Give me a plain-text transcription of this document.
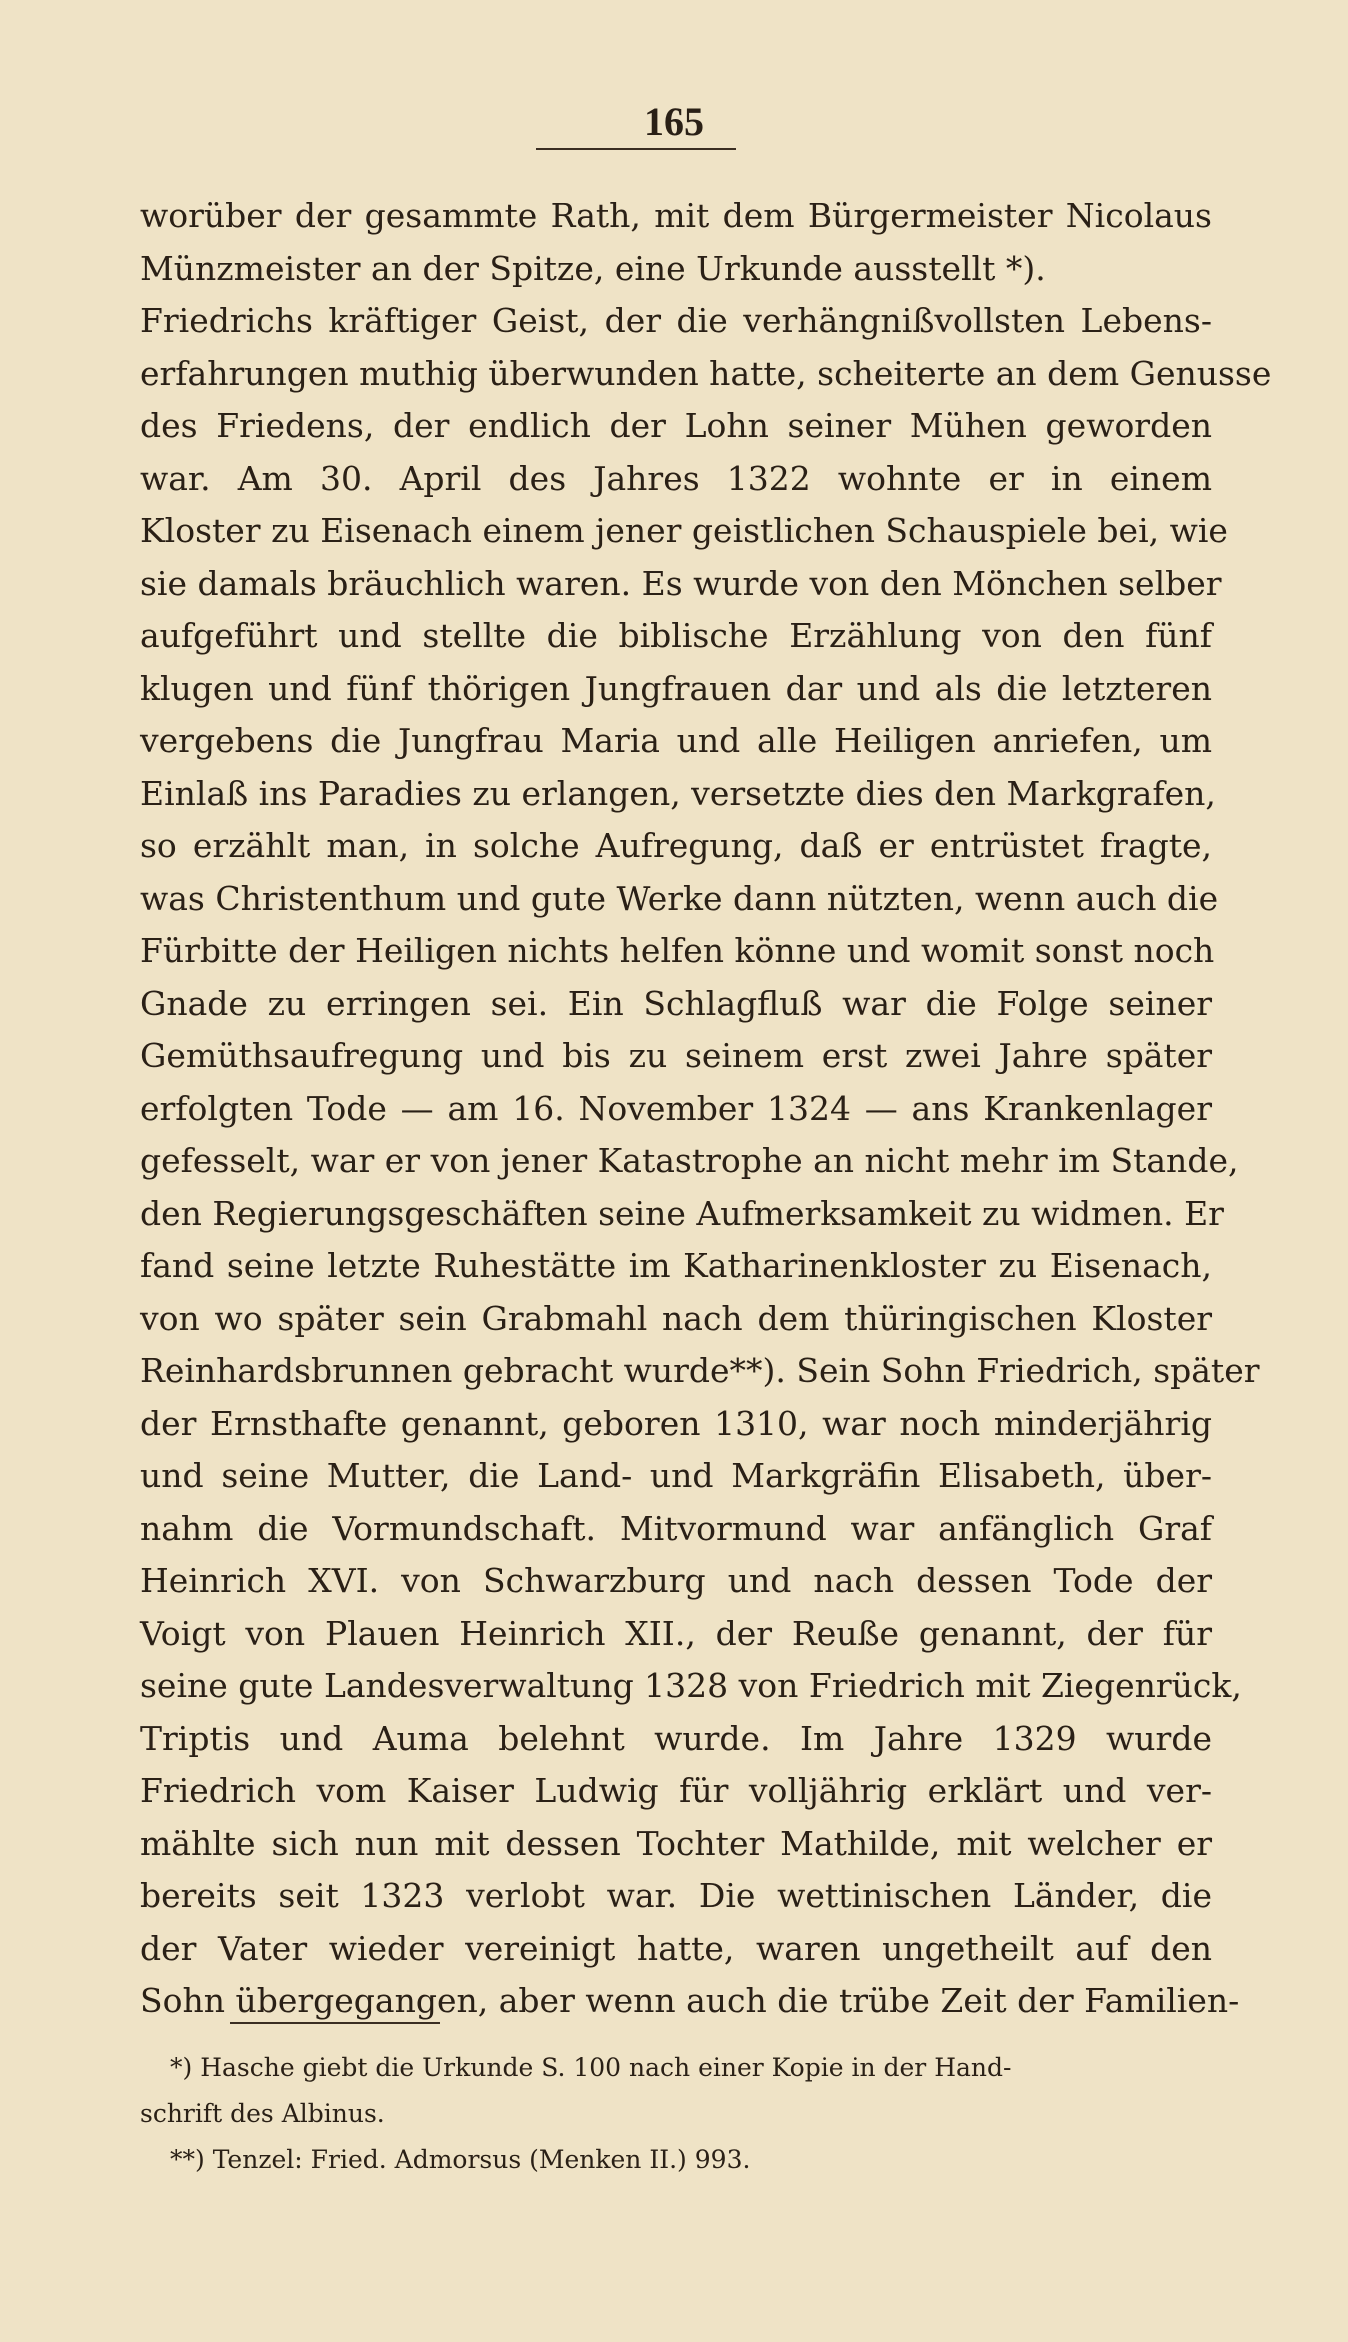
165
worüber der gesammte Rath, mit dem Bürgermeister Nicolaus
Münzmeister an der Spitze, eine Urkunde ausstellt *).
Friedrichs kräftiger Geist, der die verhängnißvollsten Lebens-
erfahrungen muthig überwunden hatte, scheiterte an dem Genusse
des Friedens, der endlich der Lohn seiner Mühen geworden
war. Am 30. April des Jahres 1322 wohnte er in einem
Kloster zu Eisenach einem jener geistlichen Schauspiele bei, wie
sie damals bräuchlich waren. Es wurde von den Mönchen selber
aufgeführt und stellte die biblische Erzählung von den fünf
klugen und fünf thörigen Jungfrauen dar und als die letzteren
vergebens die Jungfrau Maria und alle Heiligen anriefen, um
Einlaß ins Paradies zu erlangen, versetzte dies den Markgrafen,
so erzählt man, in solche Aufregung, daß er entrüstet fragte,
was Christenthum und gute Werke dann nützten, wenn auch die
Fürbitte der Heiligen nichts helfen könne und womit sonst noch
Gnade zu erringen sei. Ein Schlagfluß war die Folge seiner
Gemüthsaufregung und bis zu seinem erst zwei Jahre später
erfolgten Tode — am 16. November 1324 — ans Krankenlager
gefesselt, war er von jener Katastrophe an nicht mehr im Stande,
den Regierungsgeschäften seine Aufmerksamkeit zu widmen. Er
fand seine letzte Ruhestätte im Katharinenkloster zu Eisenach,
von wo später sein Grabmahl nach dem thüringischen Kloster
Reinhardsbrunnen gebracht wurde**). Sein Sohn Friedrich, später
der Ernsthafte genannt, geboren 1310, war noch minderjährig
und seine Mutter, die Land- und Markgräfin Elisabeth, über-
nahm die Vormundschaft. Mitvormund war anfänglich Graf
Heinrich XVI. von Schwarzburg und nach dessen Tode der
Voigt von Plauen Heinrich XII., der Reuße genannt, der für
seine gute Landesverwaltung 1328 von Friedrich mit Ziegenrück,
Triptis und Auma belehnt wurde. Im Jahre 1329 wurde
Friedrich vom Kaiser Ludwig für volljährig erklärt und ver-
mählte sich nun mit dessen Tochter Mathilde, mit welcher er
bereits seit 1323 verlobt war. Die wettinischen Länder, die
der Vater wieder vereinigt hatte, waren ungetheilt auf den
Sohn übergegangen, aber wenn auch die trübe Zeit der Familien-
*) Hasche giebt die Urkunde S. 100 nach einer Kopie in der Hand-
schrift des Albinus.
**) Tenzel: Fried. Admorsus (Menken II.) 993.
